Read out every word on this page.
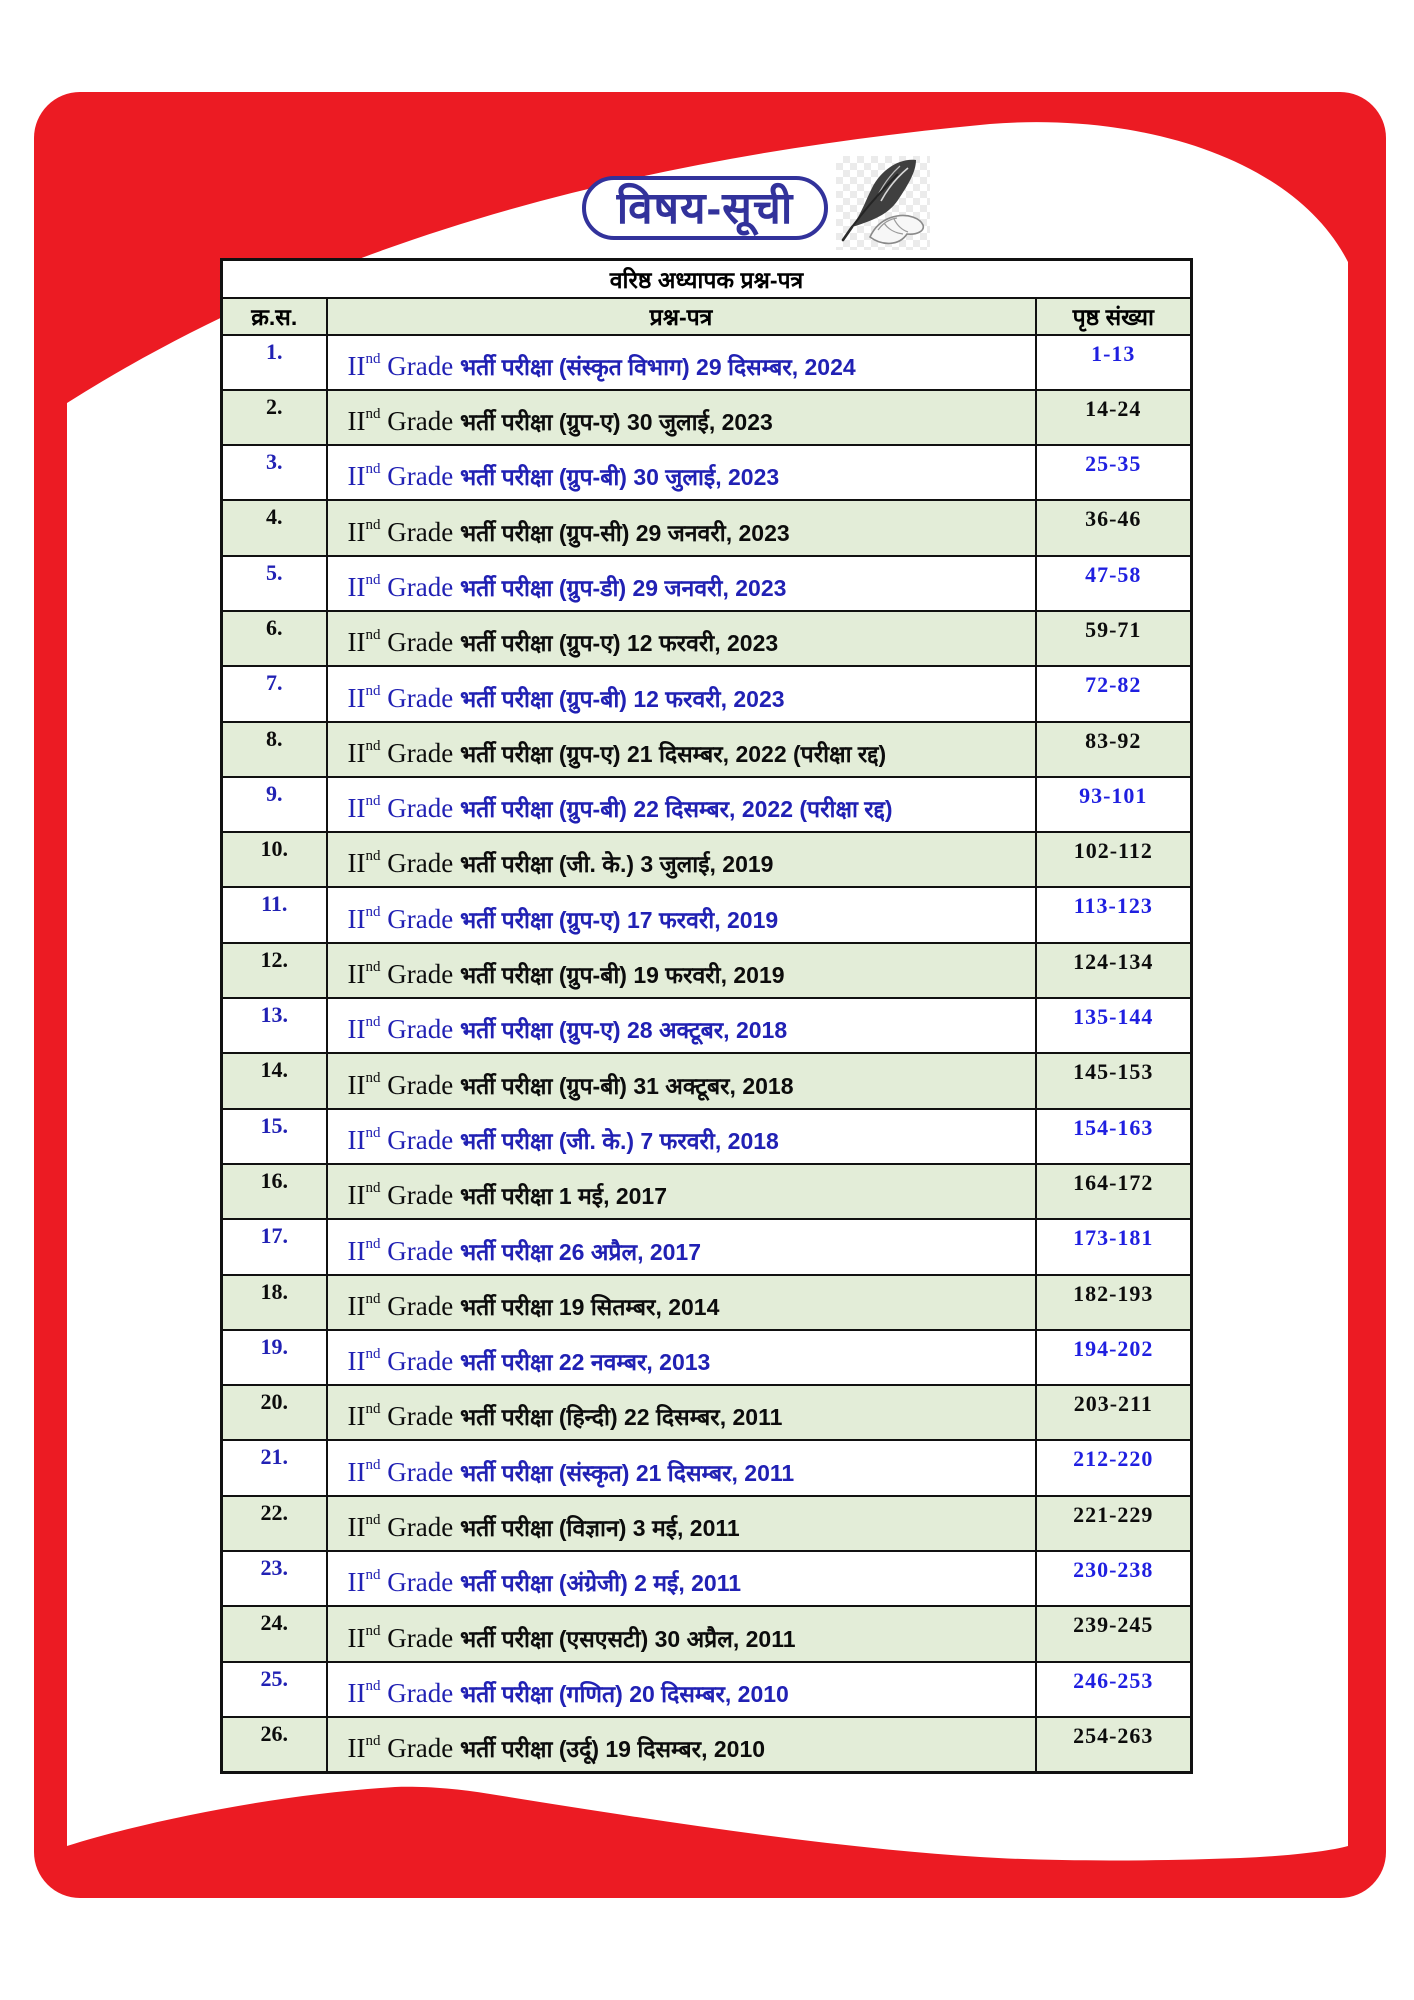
विषय-सूची
वरिष्ठ अध्यापक प्रश्न-पत्र		
क्र.स.	प्रश्न-पत्र	पृष्ठ संख्या
1.	IInd Grade भर्ती परीक्षा (संस्कृत विभाग) 29 दिसम्बर, 2024	1-13
2.	IInd Grade भर्ती परीक्षा (ग्रुप-ए) 30 जुलाई, 2023	14-24
3.	IInd Grade भर्ती परीक्षा (ग्रुप-बी) 30 जुलाई, 2023	25-35
4.	IInd Grade भर्ती परीक्षा (ग्रुप-सी) 29 जनवरी, 2023	36-46
5.	IInd Grade भर्ती परीक्षा (ग्रुप-डी) 29 जनवरी, 2023	47-58
6.	IInd Grade भर्ती परीक्षा (ग्रुप-ए) 12 फरवरी, 2023	59-71
7.	IInd Grade भर्ती परीक्षा (ग्रुप-बी) 12 फरवरी, 2023	72-82
8.	IInd Grade भर्ती परीक्षा (ग्रुप-ए) 21 दिसम्बर, 2022 (परीक्षा रद्द)	83-92
9.	IInd Grade भर्ती परीक्षा (ग्रुप-बी) 22 दिसम्बर, 2022 (परीक्षा रद्द)	93-101
10.	IInd Grade भर्ती परीक्षा (जी. के.) 3 जुलाई, 2019	102-112
11.	IInd Grade भर्ती परीक्षा (ग्रुप-ए) 17 फरवरी, 2019	113-123
12.	IInd Grade भर्ती परीक्षा (ग्रुप-बी) 19 फरवरी, 2019	124-134
13.	IInd Grade भर्ती परीक्षा (ग्रुप-ए) 28 अक्टूबर, 2018	135-144
14.	IInd Grade भर्ती परीक्षा (ग्रुप-बी) 31 अक्टूबर, 2018	145-153
15.	IInd Grade भर्ती परीक्षा (जी. के.) 7 फरवरी, 2018	154-163
16.	IInd Grade भर्ती परीक्षा 1 मई, 2017	164-172
17.	IInd Grade भर्ती परीक्षा 26 अप्रैल, 2017	173-181
18.	IInd Grade भर्ती परीक्षा 19 सितम्बर, 2014	182-193
19.	IInd Grade भर्ती परीक्षा 22 नवम्बर, 2013	194-202
20.	IInd Grade भर्ती परीक्षा (हिन्दी) 22 दिसम्बर, 2011	203-211
21.	IInd Grade भर्ती परीक्षा (संस्कृत) 21 दिसम्बर, 2011	212-220
22.	IInd Grade भर्ती परीक्षा (विज्ञान) 3 मई, 2011	221-229
23.	IInd Grade भर्ती परीक्षा (अंग्रेजी) 2 मई, 2011	230-238
24.	IInd Grade भर्ती परीक्षा (एसएसटी) 30 अप्रैल, 2011	239-245
25.	IInd Grade भर्ती परीक्षा (गणित) 20 दिसम्बर, 2010	246-253
26.	IInd Grade भर्ती परीक्षा (उर्दू) 19 दिसम्बर, 2010	254-263
